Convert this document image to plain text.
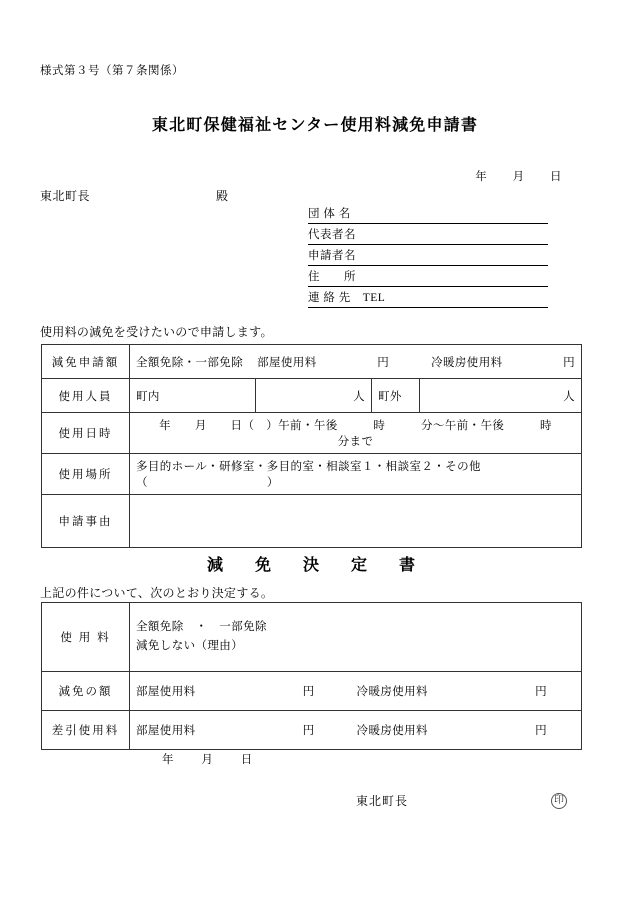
様式第３号（第７条関係）
東北町保健福祉センター使用料減免申請書
年 月 日
東北町長	殿
団 体 名
代表者名
申請者名
住　　所
連 絡 先　TEL
使用料の減免を受けたいので申請します。
減免申請額	全額免除・一部免除 部屋使用料 円 冷暖房使用料 円			

使用人員	町内	人	町外	人
使用日時	年　　月　　日（　）午前・午後　　　時　　　分～午前・午後　　　時　　　分まで			
使用場所	多目的ホール・研修室・多目的室・相談室１・相談室２・その他（　　　　　　　　　　）			
申請事由				
減　免　決　定　書
上記の件について、次のとおり決定する。
使 用 料	全額免除　・　一部免除
減免しない（理由）

減免の額	部屋使用料 円 冷暖房使用料 円

差引使用料	部屋使用料 円 冷暖房使用料 円
年 月 日
東北町長	印
